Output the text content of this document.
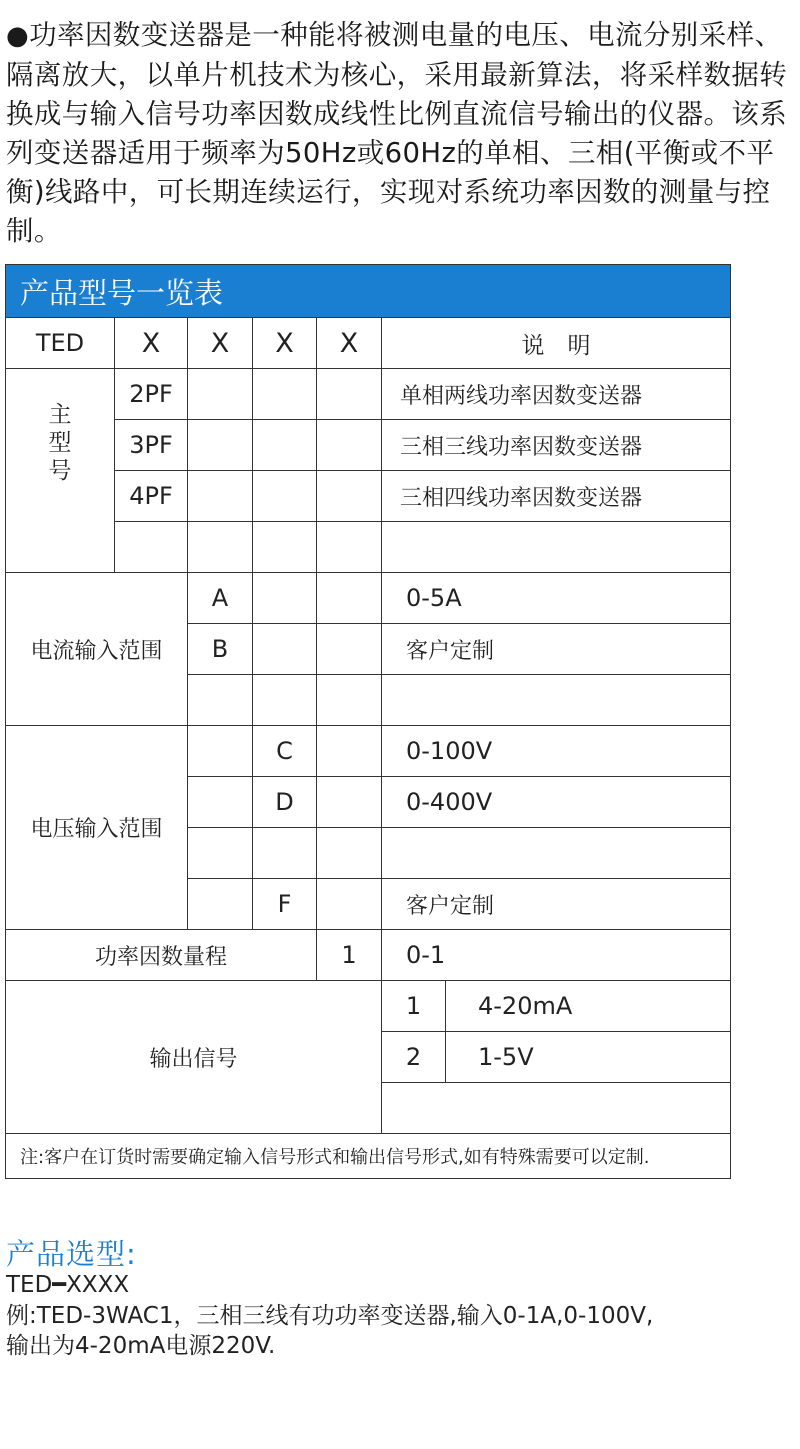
●功率因数变送器是一种能将被测电量的电压、电流分别采样、隔离放大，以单片机技术为核心，采用最新算法，将采样数据转换成与输入信号功率因数成线性比例直流信号输出的仪器。该系列变送器适用于频率为50Hz或60Hz的单相、三相(平衡或不平衡)线路中，可长期连续运行，实现对系统功率因数的测量与控制。

产品型号一览表						
TED	X	X	X	X	说　明	

主型号	2PF				单相两线功率因数变送器	
	3PF				三相三线功率因数变送器	
	4PF				三相四线功率因数变送器	

电流输入范围		A			0-5A	
		B			客户定制	

电压输入范围			C		0-100V	
			D		0-400V	

			F		客户定制	
功率因数量程				1	0-1	
输出信号					1	4-20mA
					2	1-5V

注:客户在订货时需要确定输入信号形式和输出信号形式,如有特殊需要可以定制.						

产品选型:

TED━XXXX

例:TED-3WAC1，三相三线有功功率变送器,输入0-1A,0-100V,
输出为4-20mA电源220V.
